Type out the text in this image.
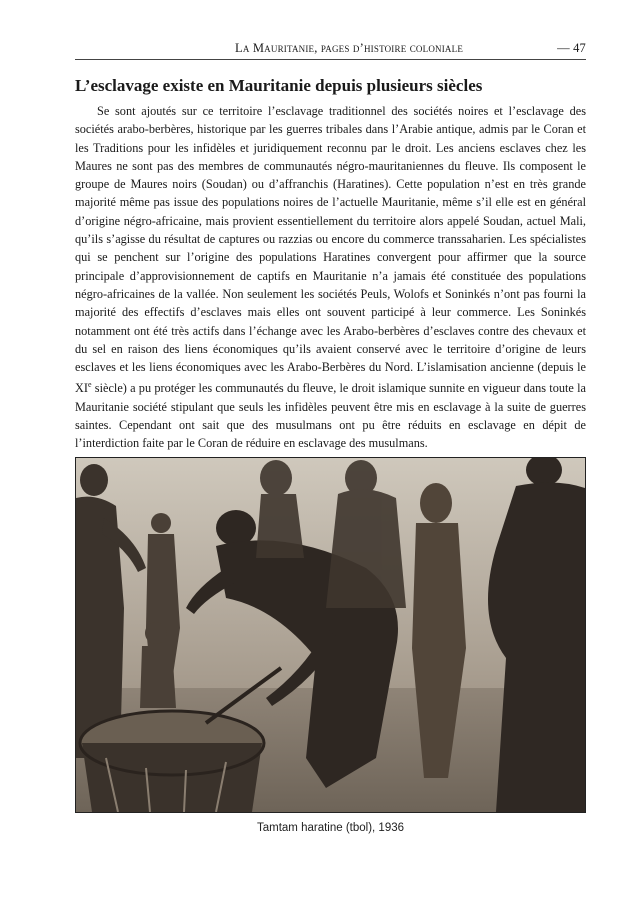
La Mauritanie, pages d’histoire coloniale	— 47
L’esclavage existe en Mauritanie depuis plusieurs siècles

Se sont ajoutés sur ce territoire l’esclavage traditionnel des sociétés noires et l’esclavage des sociétés arabo-berbères, historique par les guerres tribales dans l’Arabie antique, admis par le Coran et les Traditions pour les infidèles et juridiquement reconnu par le droit. Les anciens esclaves chez les Maures ne sont pas des membres de communautés négro-mauritaniennes du fleuve. Ils composent le groupe de Maures noirs (Soudan) ou d’affranchis (Haratines). Cette population n’est en très grande majorité même pas issue des populations noires de l’actuelle Mauritanie, même s’il elle est en général d’origine négro-africaine, mais provient essentiellement du territoire alors appelé Soudan, actuel Mali, qu’ils s’agisse du résultat de captures ou razzias ou encore du commerce transsaharien. Les spécialistes qui se penchent sur l’origine des populations Haratines convergent pour affirmer que la source principale d’approvisionnement de captifs en Mauritanie n’a jamais été constituée des populations négro-africaines de la vallée. Non seulement les sociétés Peuls, Wolofs et Soninkés n’ont pas fourni la majorité des effectifs d’esclaves mais elles ont souvent participé à leur commerce. Les Soninkés notamment ont été très actifs dans l’échange avec les Arabo-berbères d’esclaves contre des chevaux et du sel en raison des liens économiques qu’ils avaient conservé avec le territoire d’origine de leurs esclaves et les liens économiques avec les Arabo-Berbères du Nord. L’islamisation ancienne (depuis le XIe siècle) a pu protéger les communautés du fleuve, le droit islamique sunnite en vigueur dans toute la Mauritanie société stipulant que seuls les infidèles peuvent être mis en esclavage à la suite de guerres saintes. Cependant ont sait que des musulmans ont pu être réduits en esclavage en dépit de l’interdiction faite par le Coran de réduire en esclavage des musulmans.

Tamtam haratine (tbol), 1936
